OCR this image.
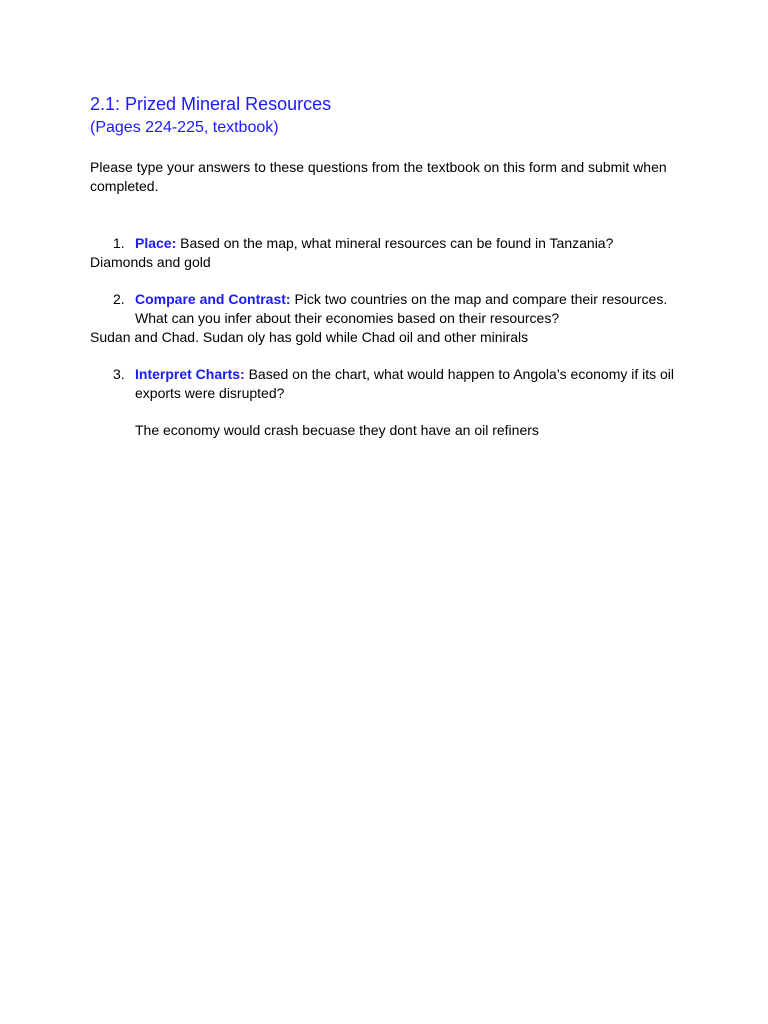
2.1: Prized Mineral Resources
(Pages 224-225, textbook)
Please type your answers to these questions from the textbook on this form and submit when completed.
1. Place: Based on the map, what mineral resources can be found in Tanzania?
Diamonds and gold
2. Compare and Contrast: Pick two countries on the map and compare their resources. What can you infer about their economies based on their resources?
Sudan and Chad. Sudan oly has gold while Chad oil and other minirals
3. Interpret Charts: Based on the chart, what would happen to Angola’s economy if its oil exports were disrupted?
The economy would crash becuase they dont have an oil refiners
